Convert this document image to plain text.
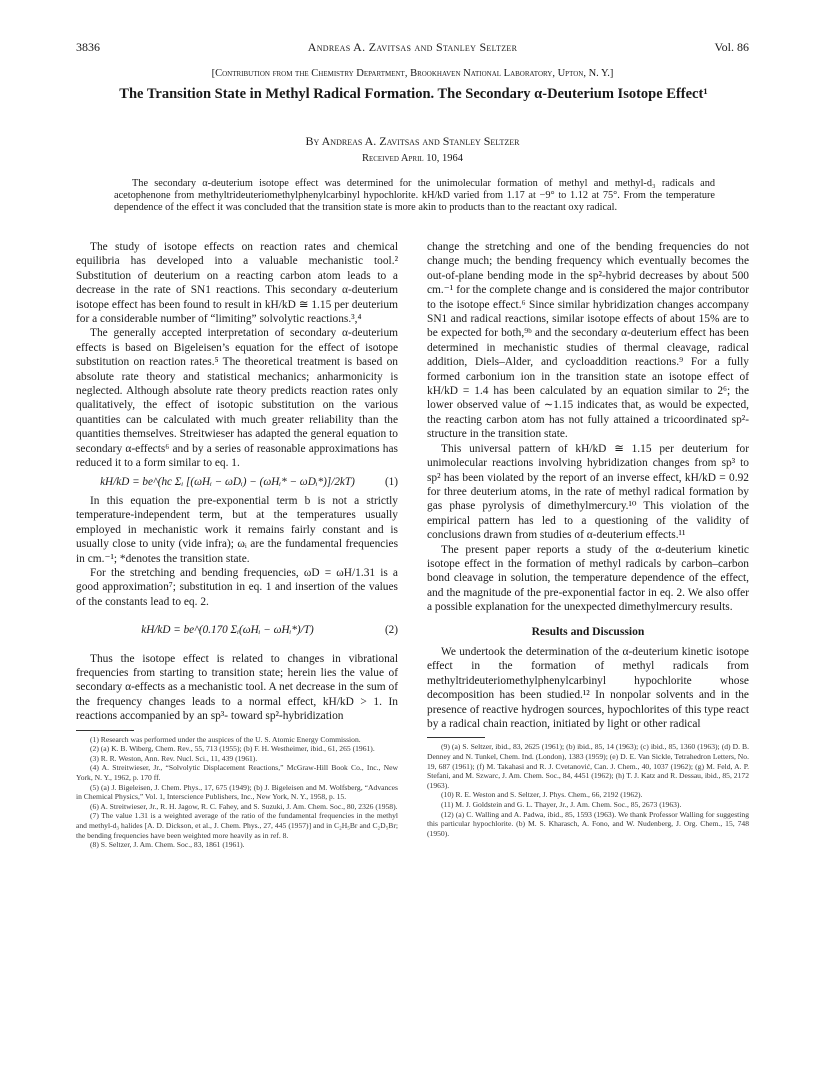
3836	Andreas A. Zavitsas and Stanley Seltzer	Vol. 86
[Contribution from the Chemistry Department, Brookhaven National Laboratory, Upton, N. Y.]
The Transition State in Methyl Radical Formation. The Secondary α-Deuterium Isotope Effect¹
By Andreas A. Zavitsas and Stanley Seltzer
Received April 10, 1964
The secondary α-deuterium isotope effect was determined for the unimolecular formation of methyl and methyl-d₃ radicals and acetophenone from methyltrideuteriomethylphenylcarbinyl hypochlorite. kH/kD varied from 1.17 at −9° to 1.12 at 75°. From the temperature dependence of the effect it was concluded that the transition state is more akin to products than to the reactant oxy radical.

The study of isotope effects on reaction rates and chemical equilibria has developed into a valuable mechanistic tool.² Substitution of deuterium on a reacting carbon atom leads to a decrease in the rate of SN1 reactions. This secondary α-deuterium isotope effect has been found to result in kH/kD ≅ 1.15 per deuterium for a considerable number of “limiting” solvolytic reactions.³,⁴

The generally accepted interpretation of secondary α-deuterium effects is based on Bigeleisen’s equation for the effect of isotope substitution on reaction rates.⁵ The theoretical treatment is based on absolute rate theory and statistical mechanics; anharmonicity is neglected. Although absolute rate theory predicts reaction rates only qualitatively, the effect of isotopic substitution on the various quantities can be calculated with much greater reliability than the quantities themselves. Streitwieser has adapted the general equation to secondary α-effects⁶ and by a series of reasonable approximations has reduced it to a form similar to eq. 1.

kH/kD = be^(hc Σᵢ [(ωHᵢ − ωDᵢ) − (ωHᵢ* − ωDᵢ*)]/2kT)	(1)

In this equation the pre-exponential term b is not a strictly temperature-independent term, but at the temperatures usually employed in mechanistic work it remains fairly constant and is usually close to unity (vide infra); ωᵢ are the fundamental frequencies in cm.⁻¹; *denotes the transition state.

For the stretching and bending frequencies, ωD = ωH/1.31 is a good approximation⁷; substitution in eq. 1 and insertion of the values of the constants lead to eq. 2.

kH/kD = be^(0.170 Σᵢ(ωHᵢ − ωHᵢ*)/T)	(2)

Thus the isotope effect is related to changes in vibrational frequencies from starting to transition state; herein lies the value of secondary α-effects as a mechanistic tool. A net decrease in the sum of the frequency changes leads to a normal effect, kH/kD > 1. In reactions accompanied by an sp³- toward sp²-hybridization

(1) Research was performed under the auspices of the U. S. Atomic Energy Commission.

(2) (a) K. B. Wiberg, Chem. Rev., 55, 713 (1955); (b) F. H. Westheimer, ibid., 61, 265 (1961).

(3) R. R. Weston, Ann. Rev. Nucl. Sci., 11, 439 (1961).

(4) A. Streitwieser, Jr., “Solvolytic Displacement Reactions,” McGraw-Hill Book Co., Inc., New York, N. Y., 1962, p. 170 ff.

(5) (a) J. Bigeleisen, J. Chem. Phys., 17, 675 (1949); (b) J. Bigeleisen and M. Wolfsberg, “Advances in Chemical Physics,” Vol. 1, Interscience Publishers, Inc., New York, N. Y., 1958, p. 15.

(6) A. Streitwieser, Jr., R. H. Jagow, R. C. Fahey, and S. Suzuki, J. Am. Chem. Soc., 80, 2326 (1958).

(7) The value 1.31 is a weighted average of the ratio of the fundamental frequencies in the methyl and methyl-d₃ halides [A. D. Dickson, et al., J. Chem. Phys., 27, 445 (1957)] and in C₂H₅Br and C₂D₅Br; the bending frequencies have been weighted more heavily as in ref. 8.

(8) S. Seltzer, J. Am. Chem. Soc., 83, 1861 (1961).

change the stretching and one of the bending frequencies do not change much; the bending frequency which eventually becomes the out-of-plane bending mode in the sp²-hybrid decreases by about 500 cm.⁻¹ for the complete change and is considered the major contributor to the isotope effect.⁶ Since similar hybridization changes accompany SN1 and radical reactions, similar isotope effects of about 15% are to be expected for both,⁹ᵇ and the secondary α-deuterium effect has been determined in mechanistic studies of thermal cleavage, radical addition, Diels–Alder, and cycloaddition reactions.⁹ For a fully formed carbonium ion in the transition state an isotope effect of kH/kD = 1.4 has been calculated by an equation similar to 2⁶; the lower observed value of ∼1.15 indicates that, as would be expected, the reacting carbon atom has not fully attained a tricoordinated sp²-structure in the transition state.

This universal pattern of kH/kD ≅ 1.15 per deuterium for unimolecular reactions involving hybridization changes from sp³ to sp² has been violated by the report of an inverse effect, kH/kD = 0.92 for three deuterium atoms, in the rate of methyl radical formation by gas phase pyrolysis of dimethylmercury.¹⁰ This violation of the empirical pattern has led to a questioning of the validity of conclusions drawn from studies of α-deuterium effects.¹¹

The present paper reports a study of the α-deuterium kinetic isotope effect in the formation of methyl radicals by carbon–carbon bond cleavage in solution, the temperature dependence of the effect, and the magnitude of the pre-exponential factor in eq. 2. We also offer a possible explanation for the unexpected dimethylmercury results.

Results and Discussion

We undertook the determination of the α-deuterium kinetic isotope effect in the formation of methyl radicals from methyltrideuteriomethylphenylcarbinyl hypochlorite whose decomposition has been studied.¹² In nonpolar solvents and in the presence of reactive hydrogen sources, hypochlorites of this type react by a radical chain reaction, initiated by light or other radical

(9) (a) S. Seltzer, ibid., 83, 2625 (1961); (b) ibid., 85, 14 (1963); (c) ibid., 85, 1360 (1963); (d) D. B. Denney and N. Tunkel, Chem. Ind. (London), 1383 (1959); (e) D. E. Van Sickle, Tetrahedron Letters, No. 19, 687 (1961); (f) M. Takahasi and R. J. Cvetanović, Can. J. Chem., 40, 1037 (1962); (g) M. Feld, A. P. Stefani, and M. Szwarc, J. Am. Chem. Soc., 84, 4451 (1962); (h) T. J. Katz and R. Dessau, ibid., 85, 2172 (1963).

(10) R. E. Weston and S. Seltzer, J. Phys. Chem., 66, 2192 (1962).

(11) M. J. Goldstein and G. L. Thayer, Jr., J. Am. Chem. Soc., 85, 2673 (1963).

(12) (a) C. Walling and A. Padwa, ibid., 85, 1593 (1963). We thank Professor Walling for suggesting this particular hypochlorite. (b) M. S. Kharasch, A. Fono, and W. Nudenberg, J. Org. Chem., 15, 748 (1950).
